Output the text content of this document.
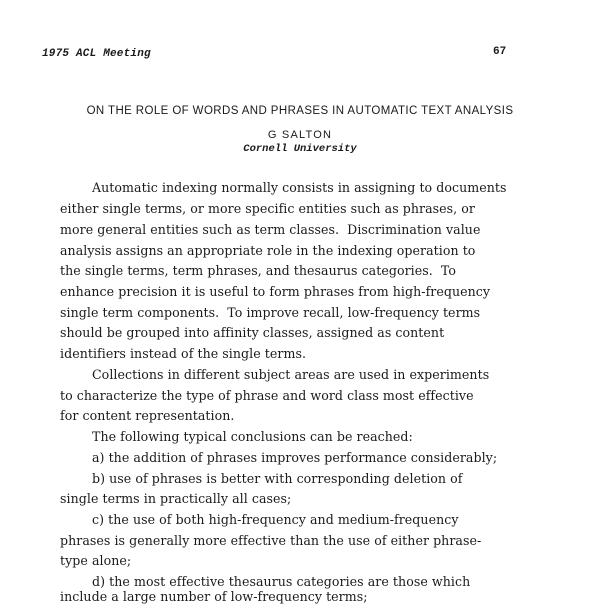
1975 ACL Meeting	67
ON THE ROLE OF WORDS AND PHRASES IN AUTOMATIC TEXT ANALYSIS
G SALTON
Cornell University
Automatic indexing normally consists in assigning to documents
either single terms, or more specific entities such as phrases, or
more general entities such as term classes.  Discrimination value
analysis assigns an appropriate role in the indexing operation to
the single terms, term phrases, and thesaurus categories.  To
enhance precision it is useful to form phrases from high-frequency
single term components.  To improve recall, low-frequency terms
should be grouped into affinity classes, assigned as content
identifiers instead of the single terms.
Collections in different subject areas are used in experiments
to characterize the type of phrase and word class most effective
for content representation.
The following typical conclusions can be reached:
a) the addition of phrases improves performance considerably;
b) use of phrases is better with corresponding deletion of
single terms in practically all cases;
c) the use of both high-frequency and medium-frequency
phrases is generally more effective than the use of either phrase-
type alone;
d) the most effective thesaurus categories are those which
include a large number of low-frequency terms;
